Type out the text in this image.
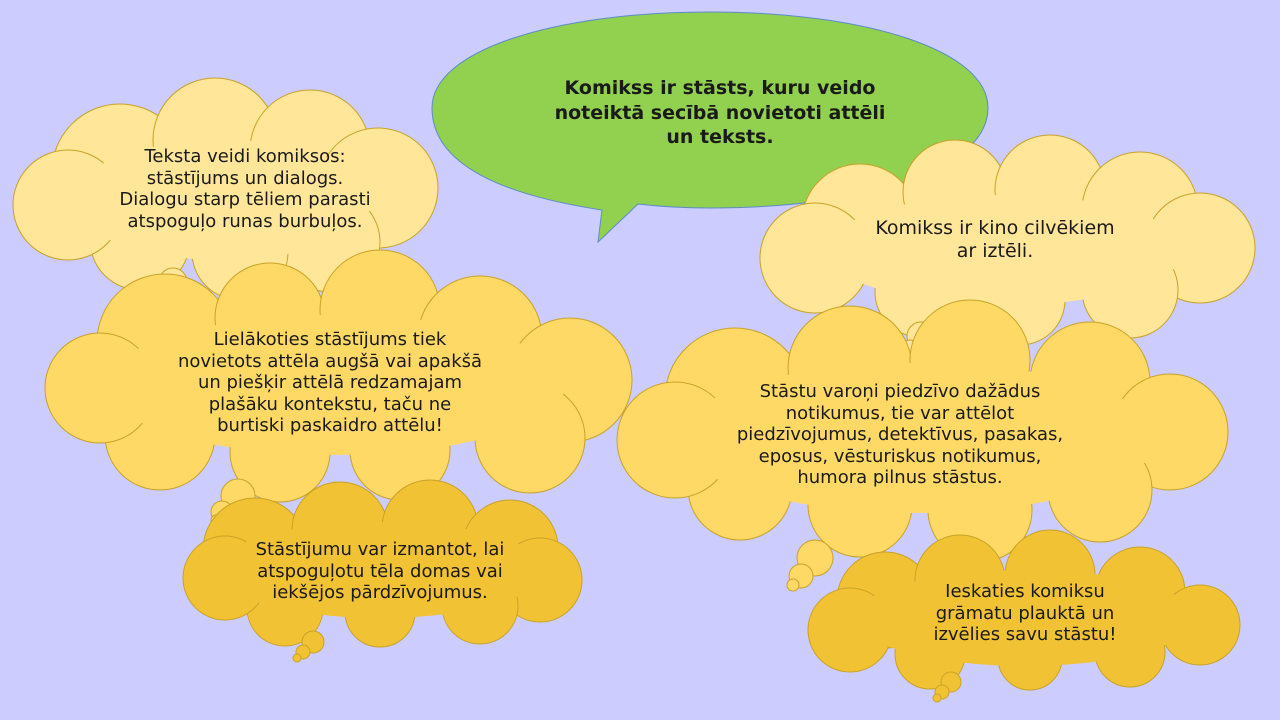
Teksta veidi komiksos:
stāstījums un dialogs.
Dialogu starp tēliem parasti
atspoguļo runas burbuļos.
Komikss ir stāsts, kuru veido
noteiktā secībā novietoti attēli
un teksts.
Komikss ir kino cilvēkiem
ar iztēli.
Lielākoties stāstījums tiek
novietots attēla augšā vai apakšā
un piešķir attēlā redzamajam
plašāku kontekstu, taču ne
burtiski paskaidro attēlu!
Stāstu varoņi piedzīvo dažādus
notikumus, tie var attēlot
piedzīvojumus, detektīvus, pasakas,
eposus, vēsturiskus notikumus,
humora pilnus stāstus.
Stāstījumu var izmantot, lai
atspoguļotu tēla domas vai
iekšējos pārdzīvojumus.	Ieskaties komiksu
grāmatu plauktā un
izvēlies savu stāstu!
